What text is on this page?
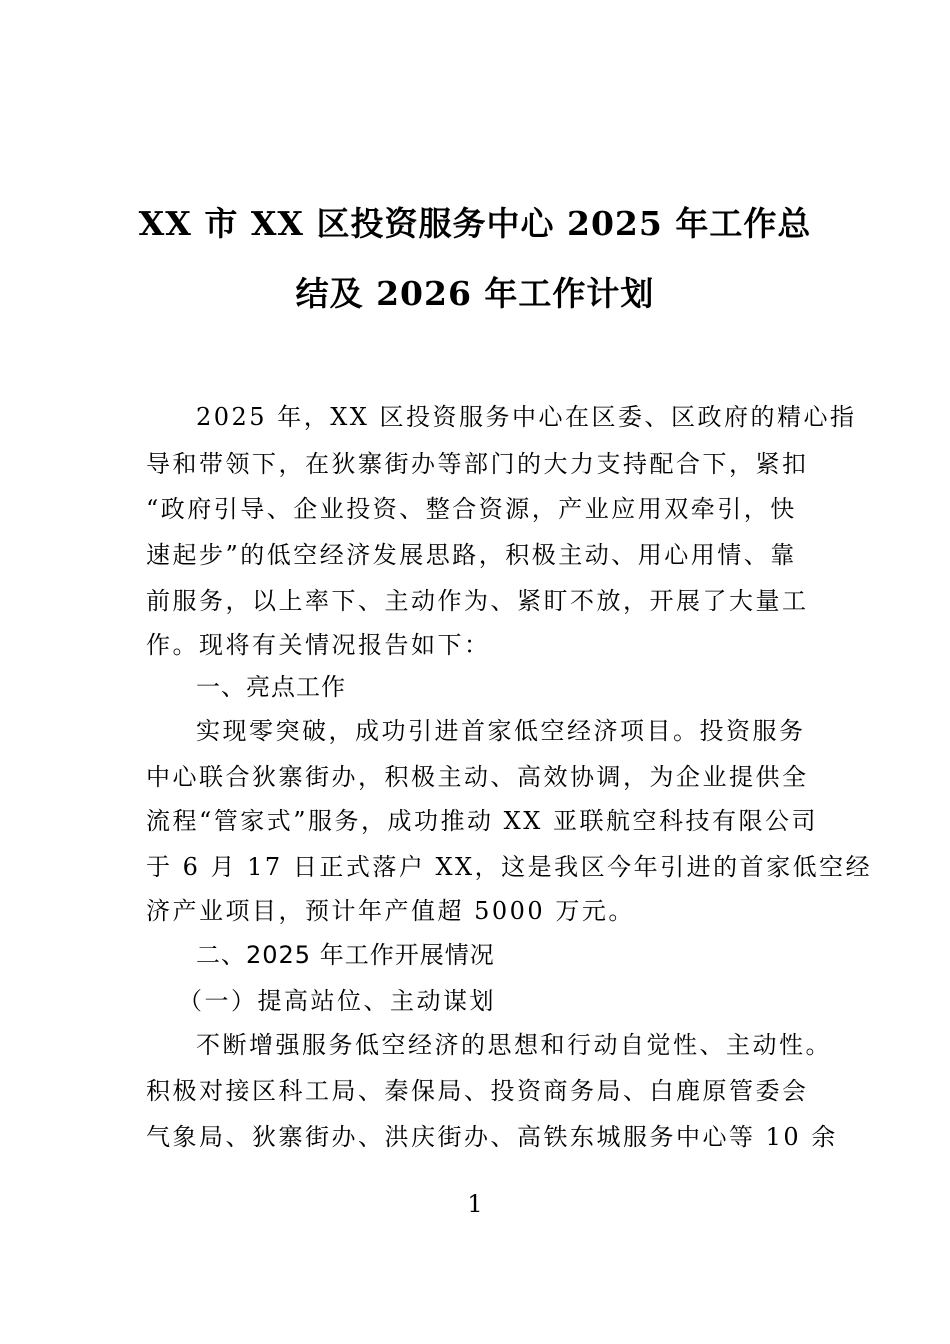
XX 市 XX 区投资服务中心 2025 年工作总
结及 2026 年工作计划
2025 年，XX 区投资服务中心在区委、区政府的精心指
导和带领下，在狄寨街办等部门的大力支持配合下，紧扣
“政府引导、企业投资、整合资源，产业应用双牵引，快
速起步”的低空经济发展思路，积极主动、用心用情、靠
前服务，以上率下、主动作为、紧盯不放，开展了大量工
作。现将有关情况报告如下：
一、亮点工作
实现零突破，成功引进首家低空经济项目。投资服务
中心联合狄寨街办，积极主动、高效协调，为企业提供全
流程“管家式”服务，成功推动 XX 亚联航空科技有限公司
于 6 月 17 日正式落户 XX，这是我区今年引进的首家低空经
济产业项目，预计年产值超 5000 万元。
二、2025 年工作开展情况
（一）提高站位、主动谋划
不断增强服务低空经济的思想和行动自觉性、主动性。
积极对接区科工局、秦保局、投资商务局、白鹿原管委会
气象局、狄寨街办、洪庆街办、高铁东城服务中心等 10 余
1
